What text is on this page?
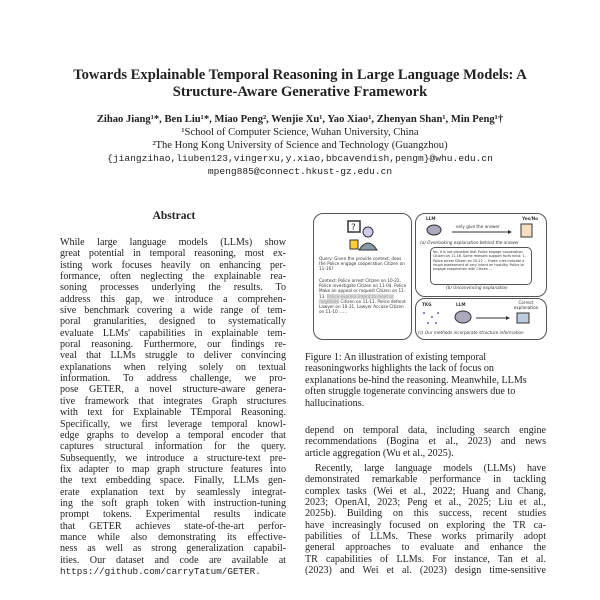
Towards Explainable Temporal Reasoning in Large Language Models: A
Structure-Aware Generative Framework
Zihao Jiang¹*, Ben Liu¹*, Miao Peng², Wenjie Xu¹, Yao Xiao¹, Zhenyan Shan¹, Min Peng¹†
¹School of Computer Science, Wuhan University, China
²The Hong Kong University of Science and Technology (Guangzhou)
{jiangzihao,liuben123,vingerxu,y.xiao,bbcavendish,pengm}@whu.edu.cn
mpeng885@connect.hkust-gz.edu.cn
Abstract
While large language models (LLMs) show
great potential in temporal reasoning, most ex-
isting work focuses heavily on enhancing per-
formance, often neglecting the explainable rea-
soning processes underlying the results. To
address this gap, we introduce a comprehen-
sive benchmark covering a wide range of tem-
poral granularities, designed to systematically
evaluate LLMs' capabilities in explainable tem-
poral reasoning. Furthermore, our findings re-
veal that LLMs struggle to deliver convincing
explanations when relying solely on textual
information. To address challenge, we pro-
pose GETER, a novel structure-aware genera-
tive framework that integrates Graph structures
with text for Explainable TEmporal Reasoning.
Specifically, we first leverage temporal knowl-
edge graphs to develop a temporal encoder that
captures structural information for the query.
Subsequently, we introduce a structure-text pre-
fix adapter to map graph structure features into
the text embedding space. Finally, LLMs gen-
erate explanation text by seamlessly integrat-
ing the soft graph token with instruction-tuning
prompt tokens. Experimental results indicate
that GETER achieves state-of-the-art perfor-
mance while also demonstrating its effective-
ness as well as strong generalization capabil-
ities. Our dataset and code are available at
https://github.com/carryTatum/GETER.
?
Query: Given the provide context, does the Police engage cooperation Citizen on 11-16?
Context: Police arrest Citizen on 10-22. Police investigate Citizen on 11-04. Police Make an appeal or request Citizen on 11-13. Police express intent to meet or negotiate Citizen on 11-11. Police defend Lawyer on 10-31, Lawyer Accuse Citizen on 11-10 ......
LLM	Yes/No
only give the answer
(a) Overlooking explanation behind the answer
No, it is not plausible that Police engage cooperation Citizen on 11-16. Some relevant support facts exist: 1. Police arrest Citizen on 10-22 ... these cues indicate a rough assessment of very intent on hostility. Police to engage cooperation with Citizen ...
(b) Unconvincing explanation
TKG	LLM	Correct explanation
(c) Our methods incorporate structure information
Figure 1: An illustration of existing temporal reasoningworks highlights the lack of focus on explanations be-hind the reasoning. Meanwhile, LLMs often struggle togenerate convincing answers due to hallucinations.
depend on temporal data, including search engine
recommendations (Bogina et al., 2023) and news
article aggregation (Wu et al., 2025).
Recently, large language models (LLMs) have
demonstrated remarkable performance in tackling
complex tasks (Wei et al., 2022; Huang and Chang,
2023; OpenAI, 2023; Peng et al., 2025; Liu et al.,
2025b). Building on this success, recent studies
have increasingly focused on exploring the TR ca-
pabilities of LLMs. These works primarily adopt
general approaches to evaluate and enhance the
TR capabilities of LLMs. For instance, Tan et al.
(2023) and Wei et al. (2023) design time-sensitive
